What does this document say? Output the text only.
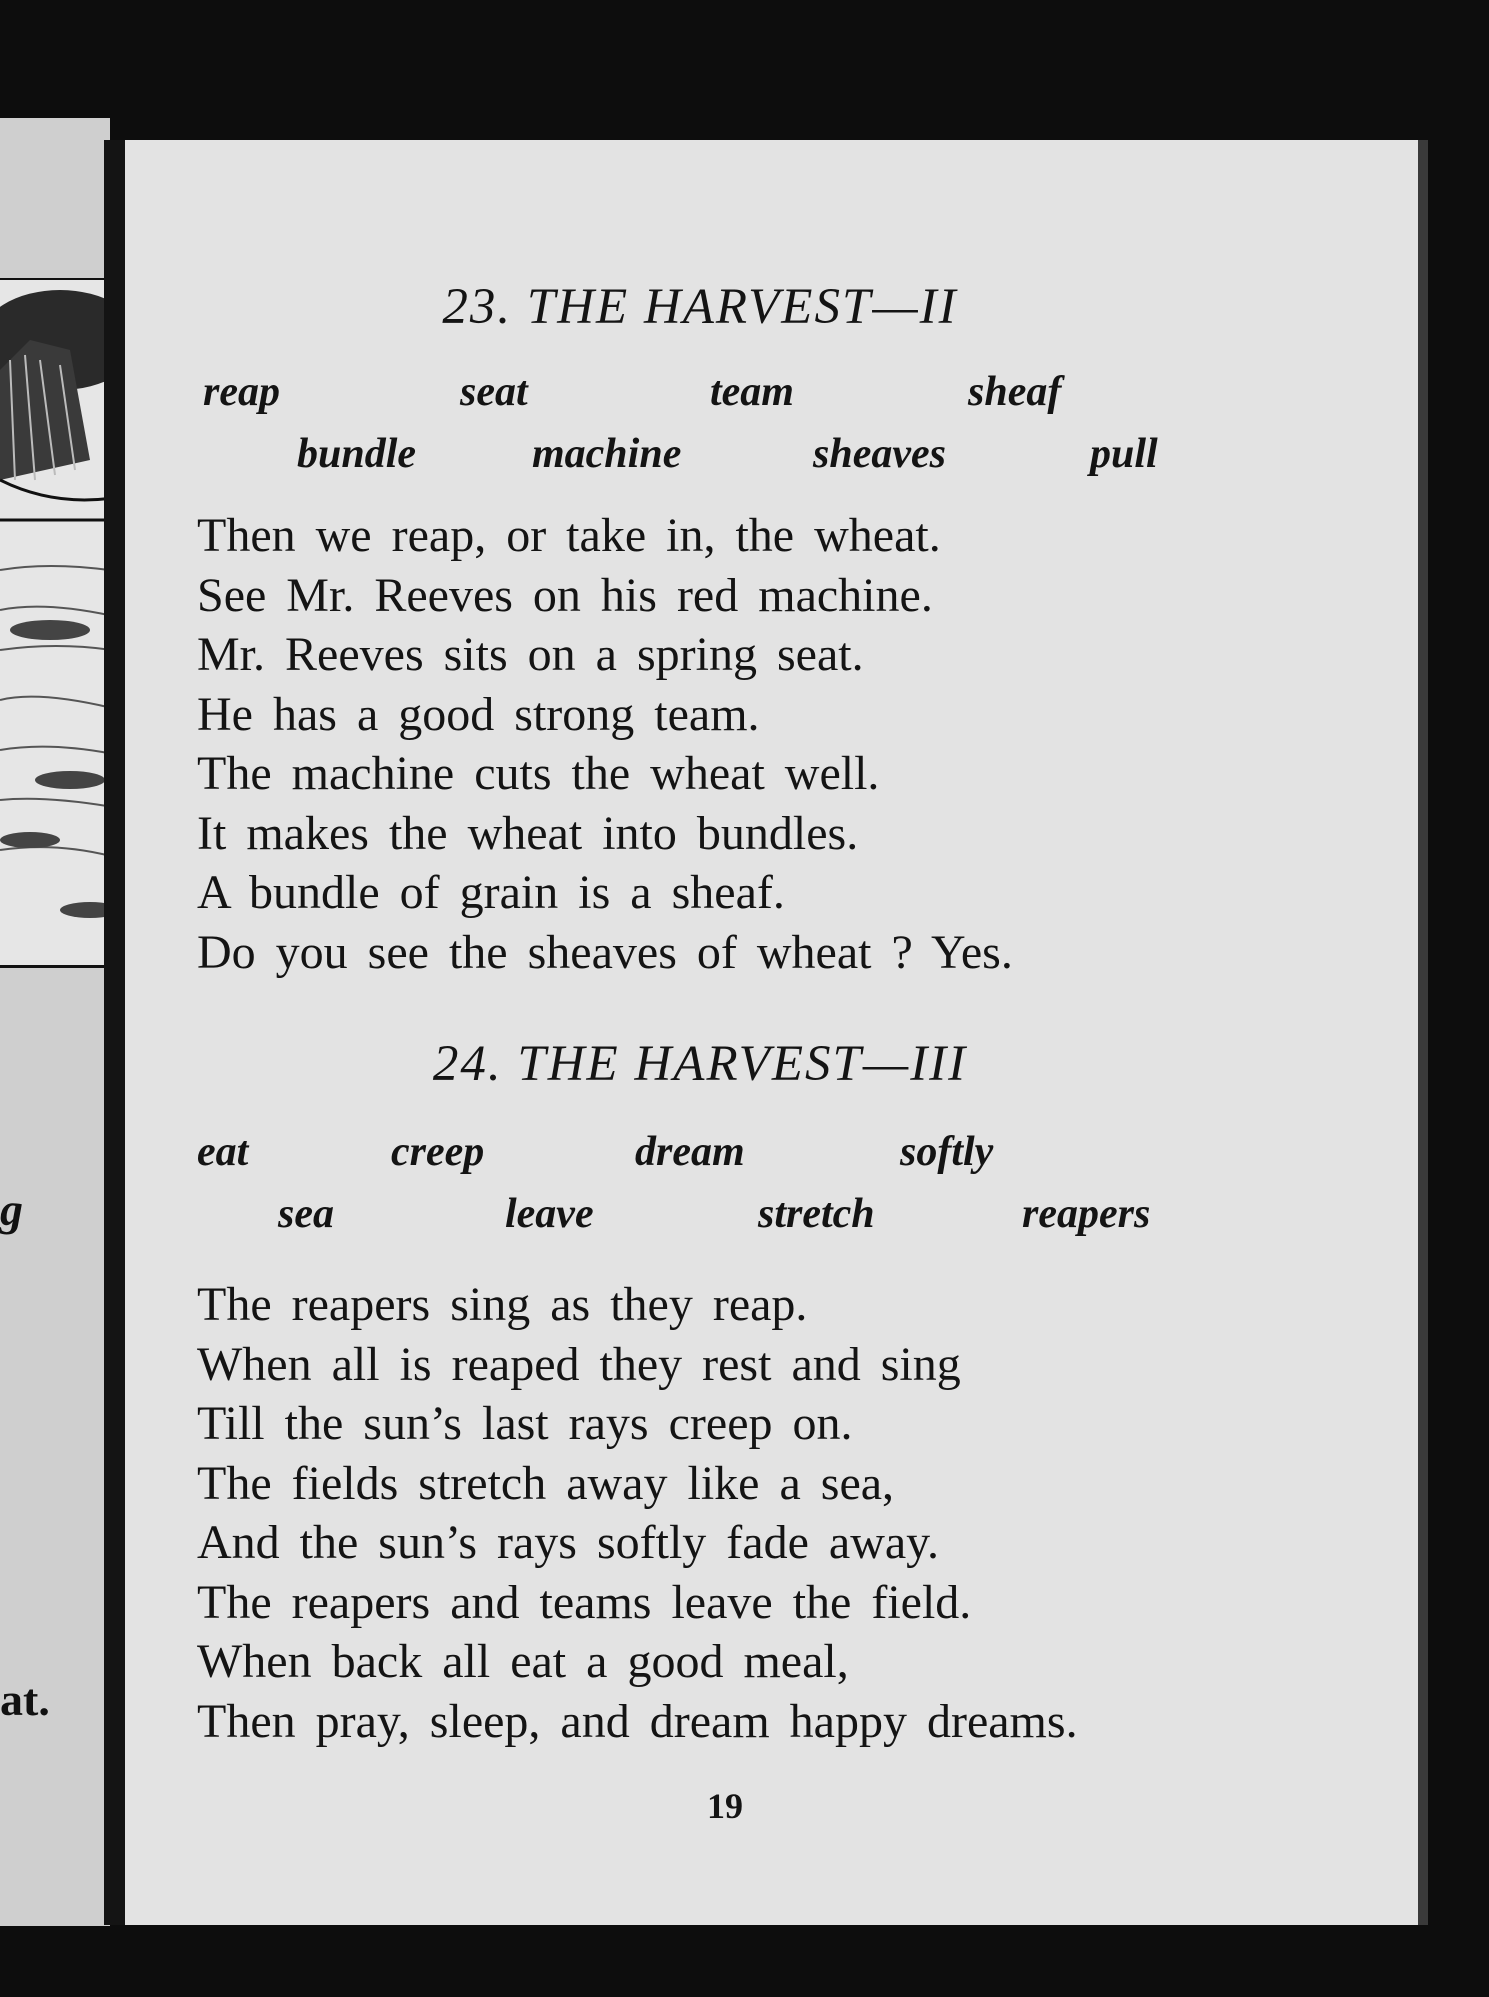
g
at.
23. THE HARVEST—II
reap	seat	team	sheaf
bundle	machine	sheaves	pull
Then we reap, or take in, the wheat.
See Mr. Reeves on his red machine.
Mr. Reeves sits on a spring seat.
He has a good strong team.
The machine cuts the wheat well.
It makes the wheat into bundles.
A bundle of grain is a sheaf.
Do you see the sheaves of wheat ? Yes.
24. THE HARVEST—III
eat	creep	dream	softly
sea	leave	stretch	reapers
The reapers sing as they reap.
When all is reaped they rest and sing
Till the sun’s last rays creep on.
The fields stretch away like a sea,
And the sun’s rays softly fade away.
The reapers and teams leave the field.
When back all eat a good meal,
Then pray, sleep, and dream happy dreams.
19
